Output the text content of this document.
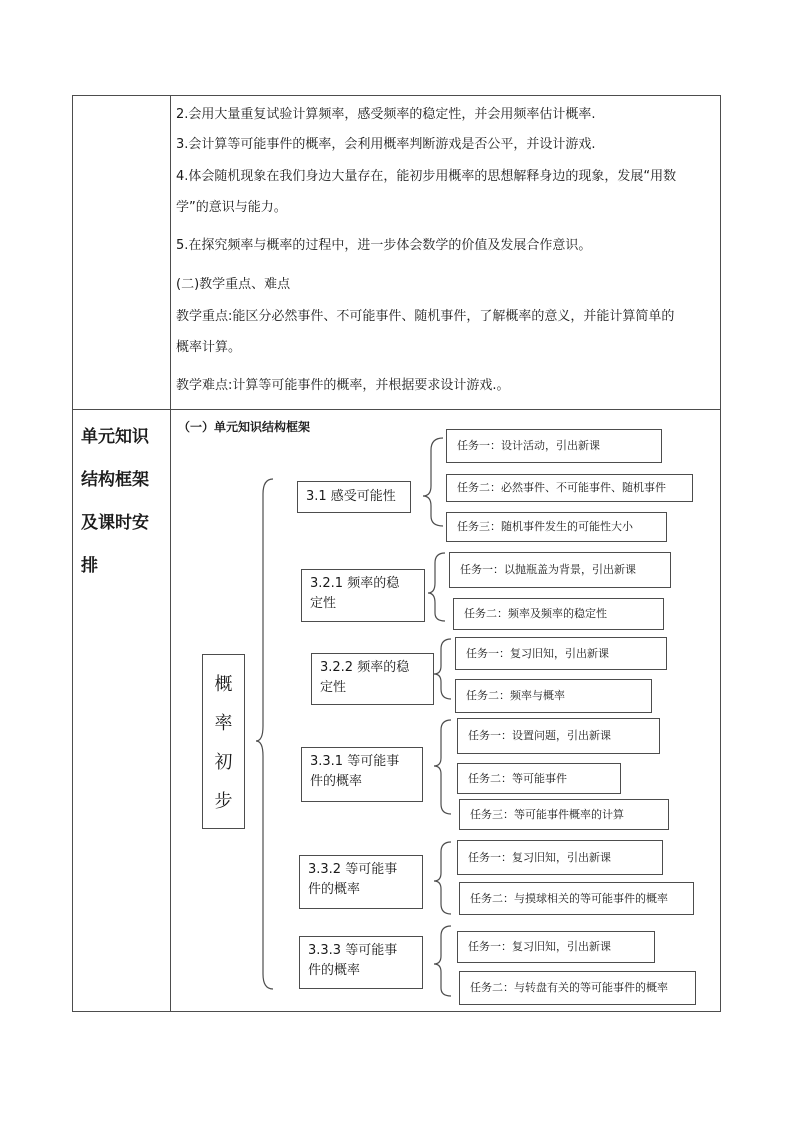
2.会用大量重复试验计算频率，感受频率的稳定性，并会用频率估计概率.
3.会计算等可能事件的概率，会利用概率判断游戏是否公平，并设计游戏.
4.体会随机现象在我们身边大量存在，能初步用概率的思想解释身边的现象，发展“用数
学”的意识与能力。
5.在探究频率与概率的过程中，进一步体会数学的价值及发展合作意识。
(二)教学重点、难点
教学重点:能区分必然事件、不可能事件、随机事件，了解概率的意义，并能计算简单的
概率计算。
教学难点:计算等可能事件的概率，并根据要求设计游戏.。
单元知识
结构框架
及课时安
排
（一）单元知识结构框架
概
率
初
步
3.1 感受可能性
3.2.1 频率的稳
定性
3.2.2 频率的稳
定性
3.3.1 等可能事
件的概率
3.3.2 等可能事
件的概率
3.3.3 等可能事
件的概率
任务一：设计活动，引出新课
任务二：必然事件、不可能事件、随机事件
任务三：随机事件发生的可能性大小
任务一：以抛瓶盖为背景，引出新课
任务二：频率及频率的稳定性
任务一：复习旧知，引出新课
任务二：频率与概率
任务一：设置问题，引出新课
任务二：等可能事件
任务三：等可能事件概率的计算
任务一：复习旧知，引出新课
任务二：与摸球相关的等可能事件的概率
任务一：复习旧知，引出新课
任务二：与转盘有关的等可能事件的概率
